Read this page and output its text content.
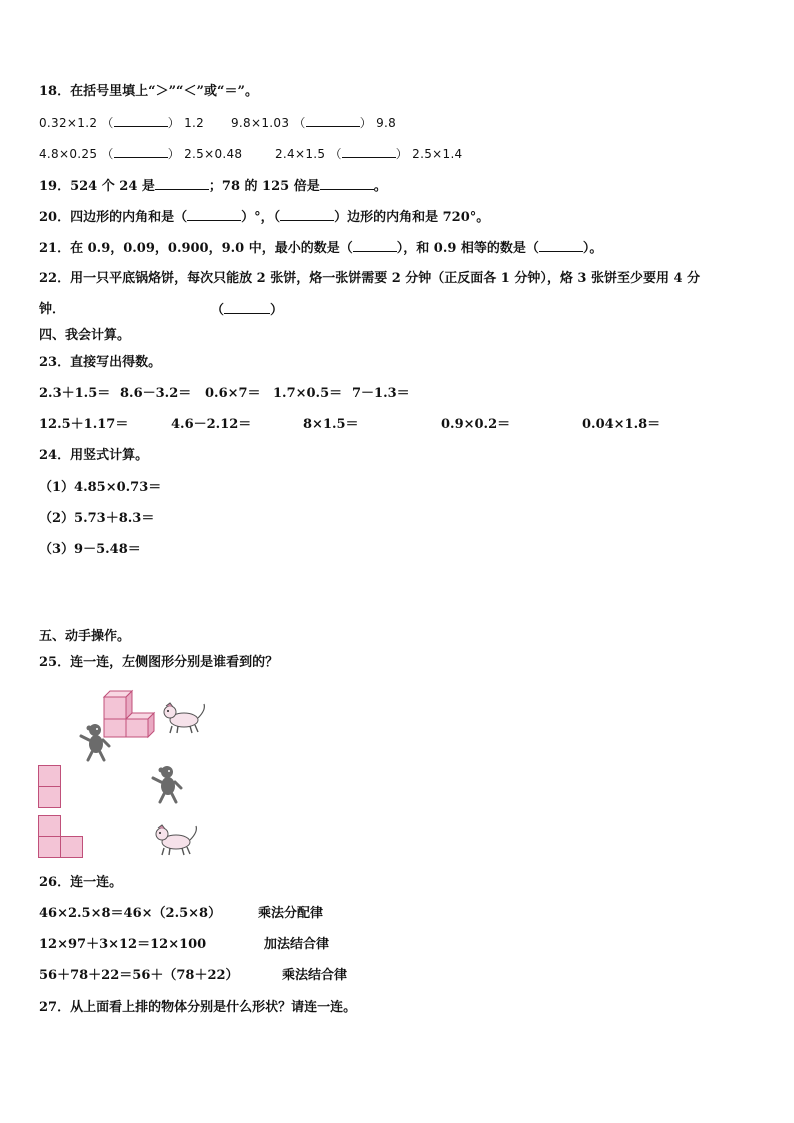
18．在括号里填上“＞”“＜”或“＝”。
0.32×1.2 （	） 1.2 9.8×1.03 （	） 9.8
4.8×0.25 （	） 2.5×0.48	2.4×1.5 （	） 2.5×1.4
19．524 个 24 是	；78 的 125 倍是	。
20．四边形的内角和是（	）°，（	）边形的内角和是 720°。
21．在 0.9，0.09，0.900，9.0 中，最小的数是（	），和 0.9 相等的数是（	）。
22．用一只平底锅烙饼，每次只能放 2 张饼，烙一张饼需要 2 分钟（正反面各 1 分钟），烙 3 张饼至少要用 4 分
钟．	（	）
四、我会计算。
23．直接写出得数。
2.3＋1.5＝ 8.6－3.2＝ 0.6×7＝ 1.7×0.5＝ 7－1.3＝
12.5＋1.17＝	4.6－2.12＝	8×1.5＝	0.9×0.2＝	0.04×1.8＝
24．用竖式计算。
（1）4.85×0.73＝
（2）5.73＋8.3＝
（3）9－5.48＝
五、动手操作。
25．连一连，左侧图形分别是谁看到的？
26．连一连。
46×2.5×8＝46×（2.5×8）	乘法分配律
12×97＋3×12＝12×100	加法结合律
56＋78＋22＝56＋（78＋22）	乘法结合律
27．从上面看上排的物体分别是什么形状？请连一连。
